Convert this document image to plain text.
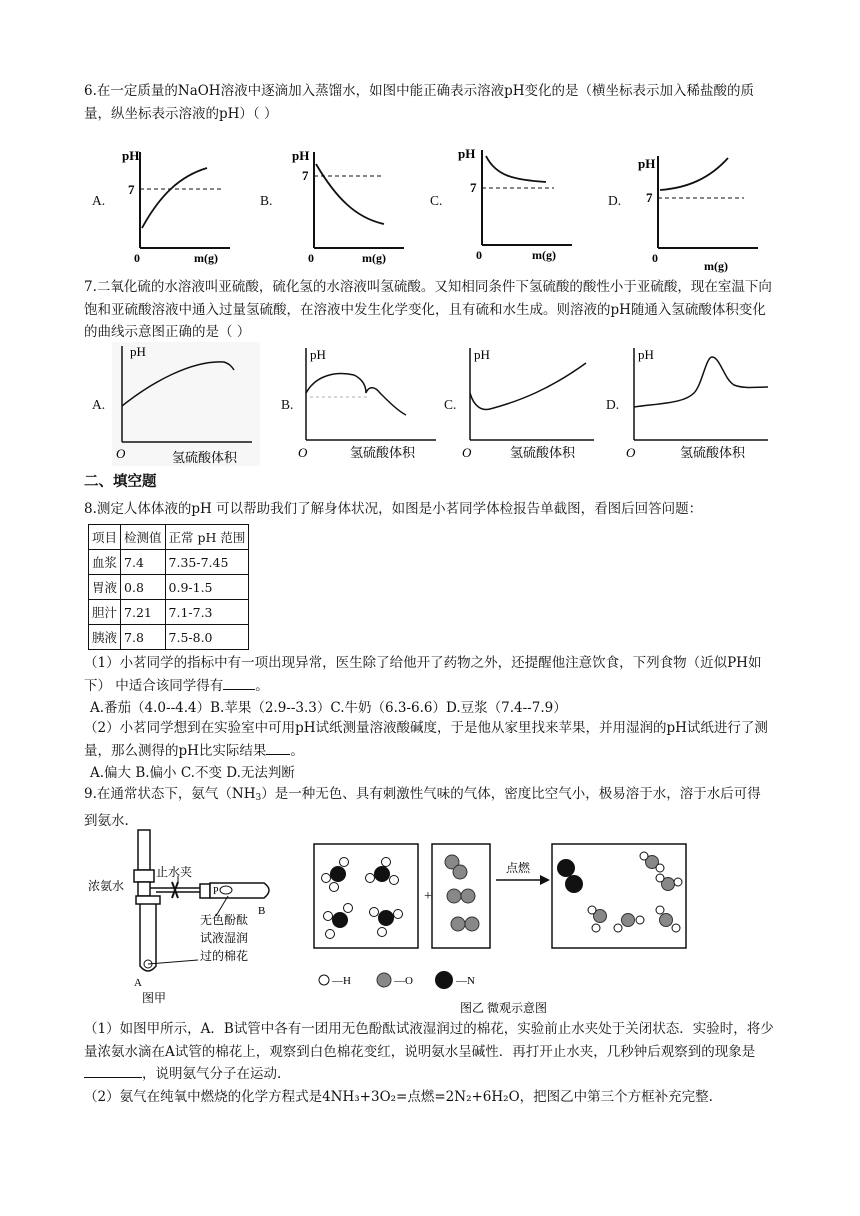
6.在一定质量的NaOH溶液中逐滴加入蒸馏水，如图中能正确表示溶液pH变化的是（横坐标表示加入稀盐酸的质量，纵坐标表示溶液的pH）（ ）

A.
pH
7
0	m(g)
B.
pH
7
0	m(g)
C.
pH
7
0	m(g)
D.
pH
7
0
m(g)

7.二氧化硫的水溶液叫亚硫酸，硫化氢的水溶液叫氢硫酸。又知相同条件下氢硫酸的酸性小于亚硫酸，现在室温下向饱和亚硫酸溶液中通入过量氢硫酸，在溶液中发生化学变化，且有硫和水生成。则溶液的pH随通入氢硫酸体积变化的曲线示意图正确的是（ ）

A.
pH
O	氢硫酸体积
B.
pH
O	氢硫酸体积
C.
pH
O	氢硫酸体积
D.
pH
O	氢硫酸体积
二、填空题

8.测定人体体液的pH 可以帮助我们了解身体状况，如图是小茗同学体检报告单截图，看图后回答问题：

项目	检测值	正常 pH 范围
血浆	7.4	7.35-7.45
胃液	0.8	0.9-1.5
胆汁	7.21	7.1-7.3
胰液	7.8	7.5-8.0

（1）小茗同学的指标中有一项出现异常，医生除了给他开了药物之外，还提醒他注意饮食，下列食物（近似PH如下） 中适合该同学得有 。

A.番茄（4.0--4.4）B.苹果（2.9--3.3）C.牛奶（6.3-6.6）D.豆浆（7.4--7.9）

（2）小茗同学想到在实验室中可用pH试纸测量溶液酸碱度，于是他从家里找来苹果，并用湿润的pH试纸进行了测量，那么测得的pH比实际结果 。

A.偏大 B.偏小 C.不变 D.无法判断

9.在通常状态下，氨气$(NH_3)$是一种无色、具有刺激性气味的气体，密度比空气小，极易溶于水，溶于水后可得到氨水.

浓氨水
止水夹
P
B
无色酚酞
试液湿润
过的棉花
A
图甲
+
点燃
—H	—O	—N
图乙 微观示意图

（1）如图甲所示，A．B试管中各有一团用无色酚酞试液湿润过的棉花，实验前止水夹处于关闭状态．实验时，将少量浓氨水滴在A试管的棉花上，观察到白色棉花变红，说明氨水呈碱性．再打开止水夹，几秒钟后观察到的现象是，说明氨气分子在运动.

（2）氨气在纯氧中燃烧的化学方程式是4NH₃+3O₂=点燃=2N₂+6H₂O，把图乙中第三个方框补充完整.
